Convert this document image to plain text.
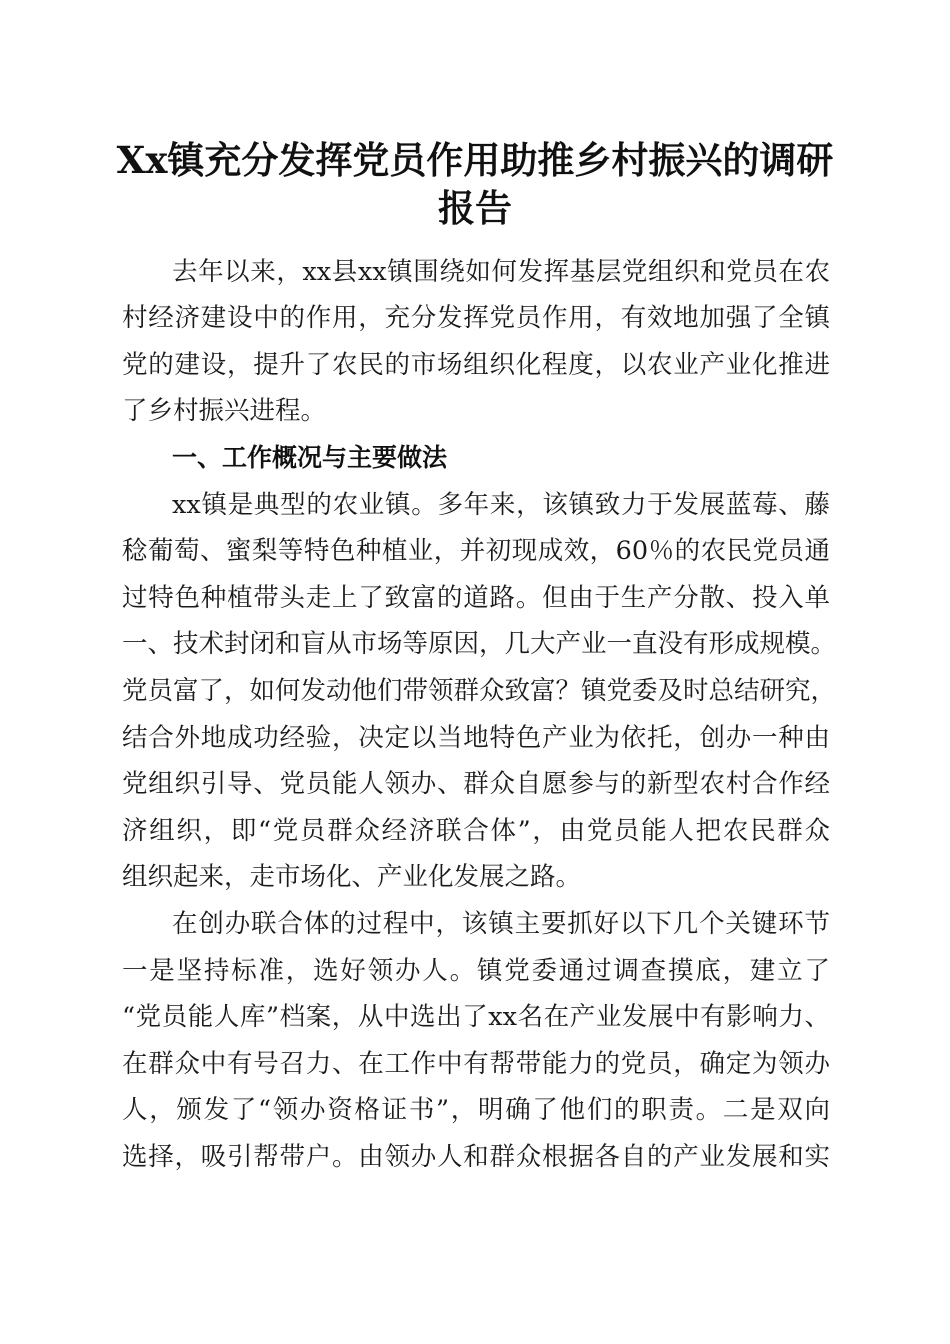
Xx镇充分发挥党员作用助推乡村振兴的调研
报告

去年以来，xx县xx镇围绕如何发挥基层党组织和党员在农

村经济建设中的作用，充分发挥党员作用，有效地加强了全镇

党的建设，提升了农民的市场组织化程度，以农业产业化推进

了乡村振兴进程。

一、工作概况与主要做法

xx镇是典型的农业镇。多年来，该镇致力于发展蓝莓、藤

稔葡萄、蜜梨等特色种植业，并初现成效，60％的农民党员通

过特色种植带头走上了致富的道路。但由于生产分散、投入单

一、技术封闭和盲从市场等原因，几大产业一直没有形成规模。

党员富了，如何发动他们带领群众致富？镇党委及时总结研究，

结合外地成功经验，决定以当地特色产业为依托，创办一种由

党组织引导、党员能人领办、群众自愿参与的新型农村合作经

济组织，即“党员群众经济联合体”，由党员能人把农民群众

组织起来，走市场化、产业化发展之路。

在创办联合体的过程中，该镇主要抓好以下几个关键环节

一是坚持标准，选好领办人。镇党委通过调查摸底，建立了

“党员能人库”档案，从中选出了xx名在产业发展中有影响力、

在群众中有号召力、在工作中有帮带能力的党员，确定为领办

人，颁发了“领办资格证书”，明确了他们的职责。二是双向

选择，吸引帮带户。由领办人和群众根据各自的产业发展和实
